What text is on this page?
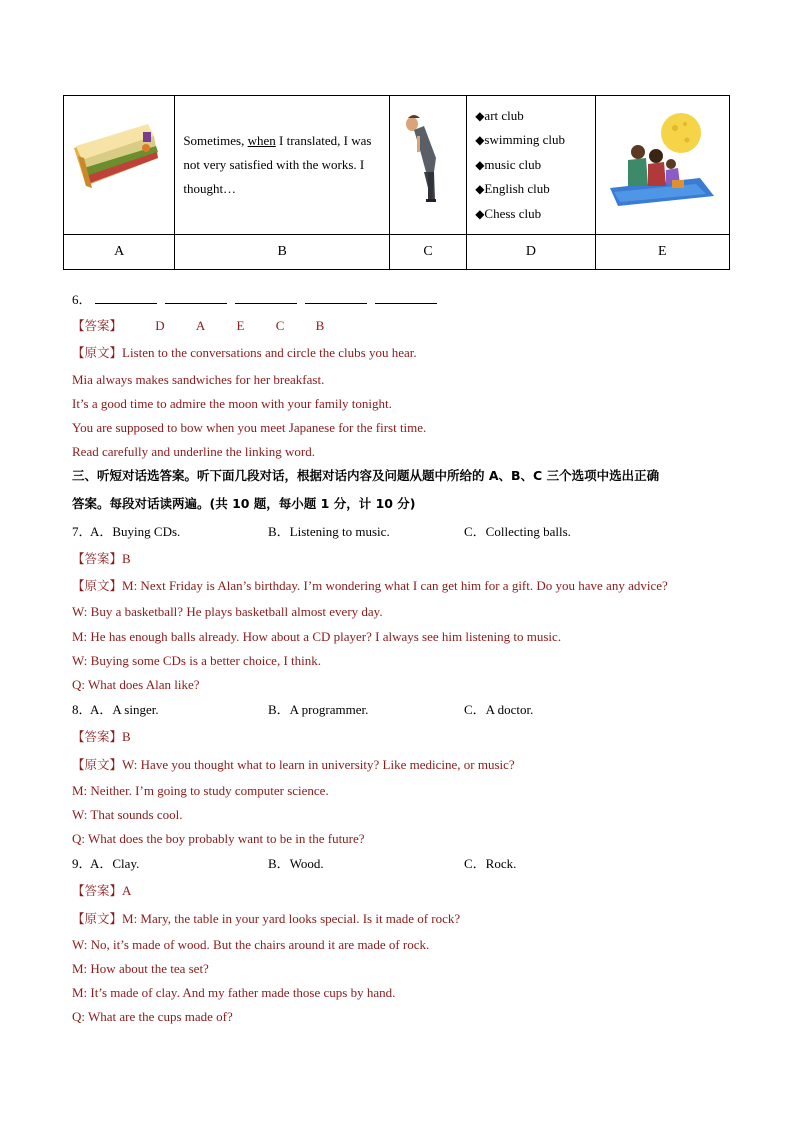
	Sometimes, when I translated, I was not very satisfied with the works. I thought…		◆art club
◆swimming club
◆music club
◆English club
◆Chess club

A	B	C	D	E
6．
【答案】	D A E C B
【原文】Listen to the conversations and circle the clubs you hear.
Mia always makes sandwiches for her breakfast.
It’s a good time to admire the moon with your family tonight.
You are supposed to bow when you meet Japanese for the first time.
Read carefully and underline the linking word.
三、听短对话选答案。听下面几段对话，根据对话内容及问题从题中所给的 A、B、C 三个选项中选出正确
答案。每段对话读两遍。(共 10 题，每小题 1 分，计 10 分)
7．
A．Buying CDs.	B．Listening to music.	C．Collecting balls.
【答案】B
【原文】M: Next Friday is Alan’s birthday. I’m wondering what I can get him for a gift. Do you have any advice?
W: Buy a basketball? He plays basketball almost every day.
M: He has enough balls already. How about a CD player? I always see him listening to music.
W: Buying some CDs is a better choice, I think.
Q: What does Alan like?
8．
A．A singer.	B．A programmer.	C．A doctor.
【答案】B
【原文】W: Have you thought what to learn in university? Like medicine, or music?
M: Neither. I’m going to study computer science.
W: That sounds cool.
Q: What does the boy probably want to be in the future?
9．
A．Clay.	B．Wood.	C．Rock.
【答案】A
【原文】M: Mary, the table in your yard looks special. Is it made of rock?
W: No, it’s made of wood. But the chairs around it are made of rock.
M: How about the tea set?
M: It’s made of clay. And my father made those cups by hand.
Q: What are the cups made of?
